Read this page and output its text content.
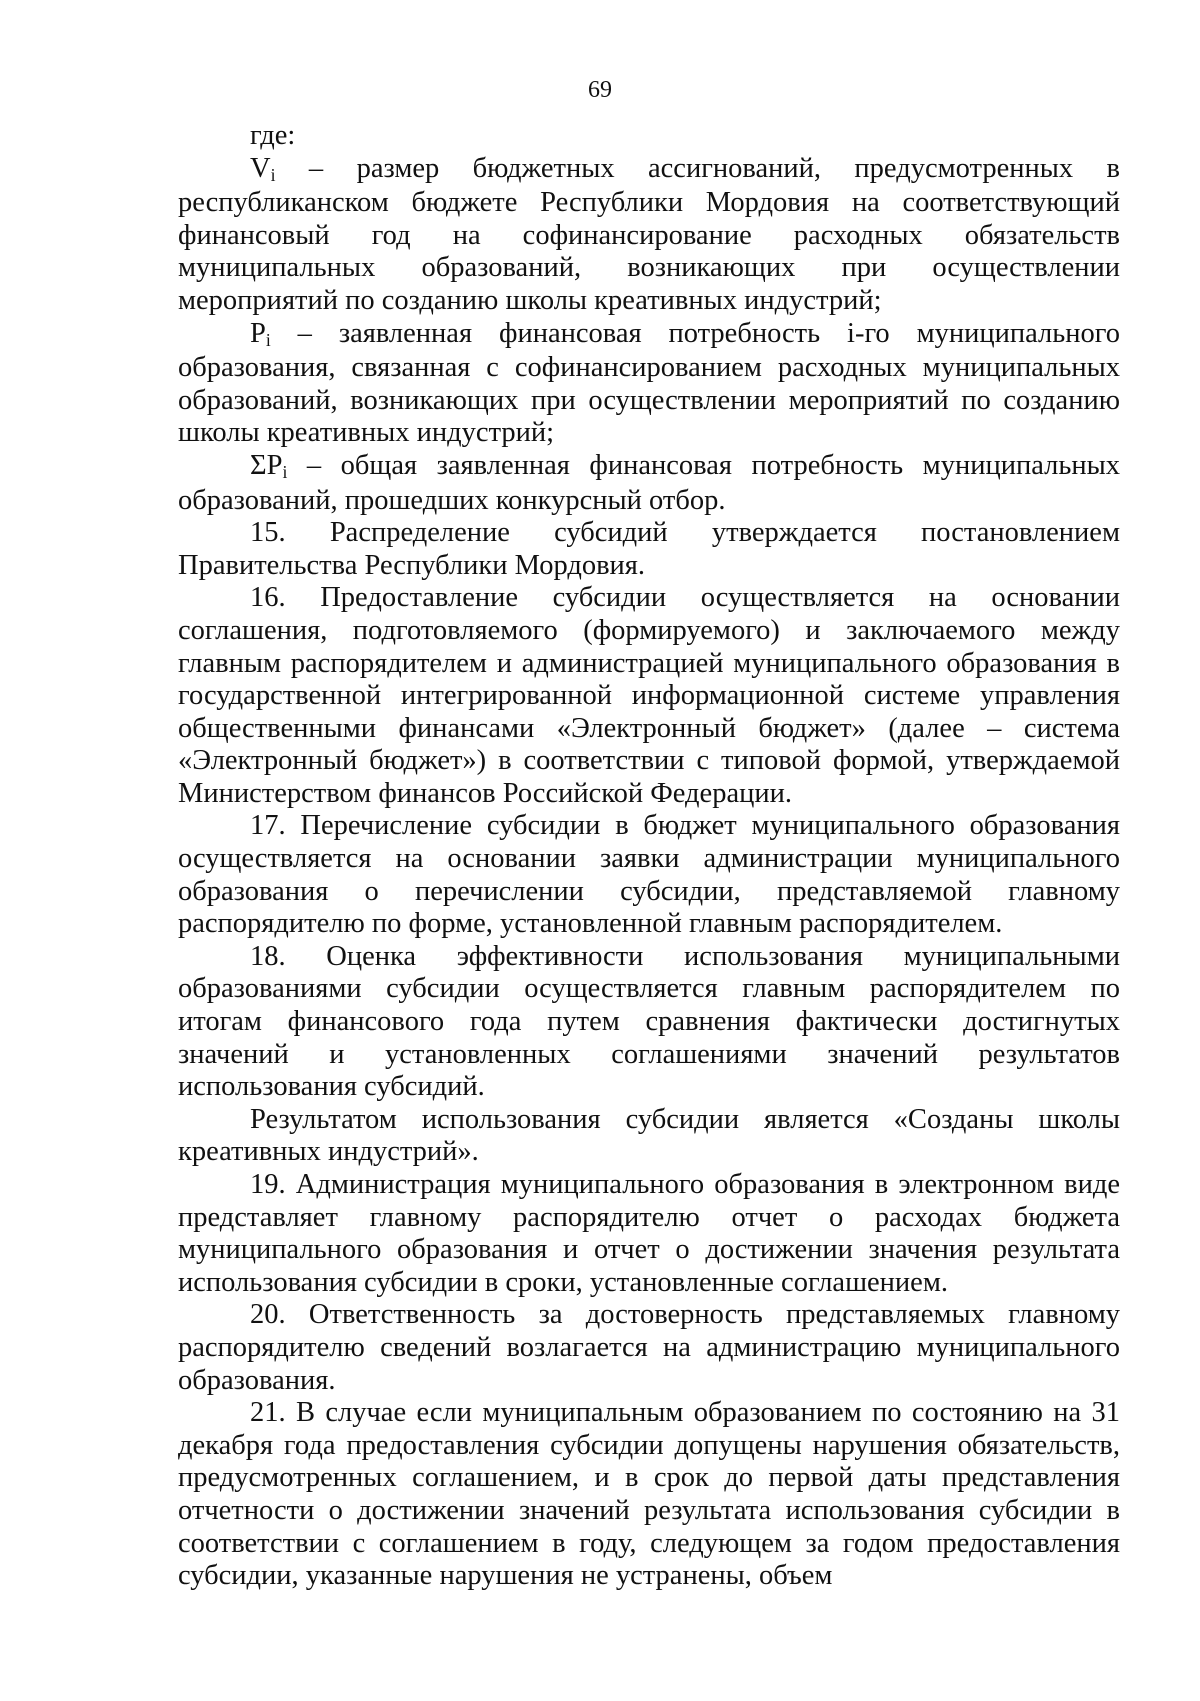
69

где:

Vi – размер бюджетных ассигнований, предусмотренных в республиканском бюджете Республики Мордовия на соответствующий финансовый год на софинансирование расходных обязательств муниципальных образований, возникающих при осуществлении мероприятий по созданию школы креативных индустрий;

Pi – заявленная финансовая потребность i-го муниципального образования, связанная с софинансированием расходных муниципальных образований, возникающих при осуществлении мероприятий по созданию школы креативных индустрий;

ΣPi – общая заявленная финансовая потребность муниципальных образований, прошедших конкурсный отбор.

15. Распределение субсидий утверждается постановлением Правительства Республики Мордовия.

16. Предоставление субсидии осуществляется на основании соглашения, подготовляемого (формируемого) и заключаемого между главным распорядителем и администрацией муниципального образования в государственной интегрированной информационной системе управления общественными финансами «Электронный бюджет» (далее – система «Электронный бюджет») в соответствии с типовой формой, утверждаемой Министерством финансов Российской Федерации.

17. Перечисление субсидии в бюджет муниципального образования осуществляется на основании заявки администрации муниципального образования о перечислении субсидии, представляемой главному распорядителю по форме, установленной главным распорядителем.

18. Оценка эффективности использования муниципальными образованиями субсидии осуществляется главным распорядителем по итогам финансового года путем сравнения фактически достигнутых значений и установленных соглашениями значений результатов использования субсидий.

Результатом использования субсидии является «Созданы школы креативных индустрий».

19. Администрация муниципального образования в электронном виде представляет главному распорядителю отчет о расходах бюджета муниципального образования и отчет о достижении значения результата использования субсидии в сроки, установленные соглашением.

20. Ответственность за достоверность представляемых главному распорядителю сведений возлагается на администрацию муниципального образования.

21. В случае если муниципальным образованием по состоянию на 31 декабря года предоставления субсидии допущены нарушения обязательств, предусмотренных соглашением, и в срок до первой даты представления отчетности о достижении значений результата использования субсидии в соответствии с соглашением в году, следующем за годом предоставления субсидии, указанные нарушения не устранены, объем
